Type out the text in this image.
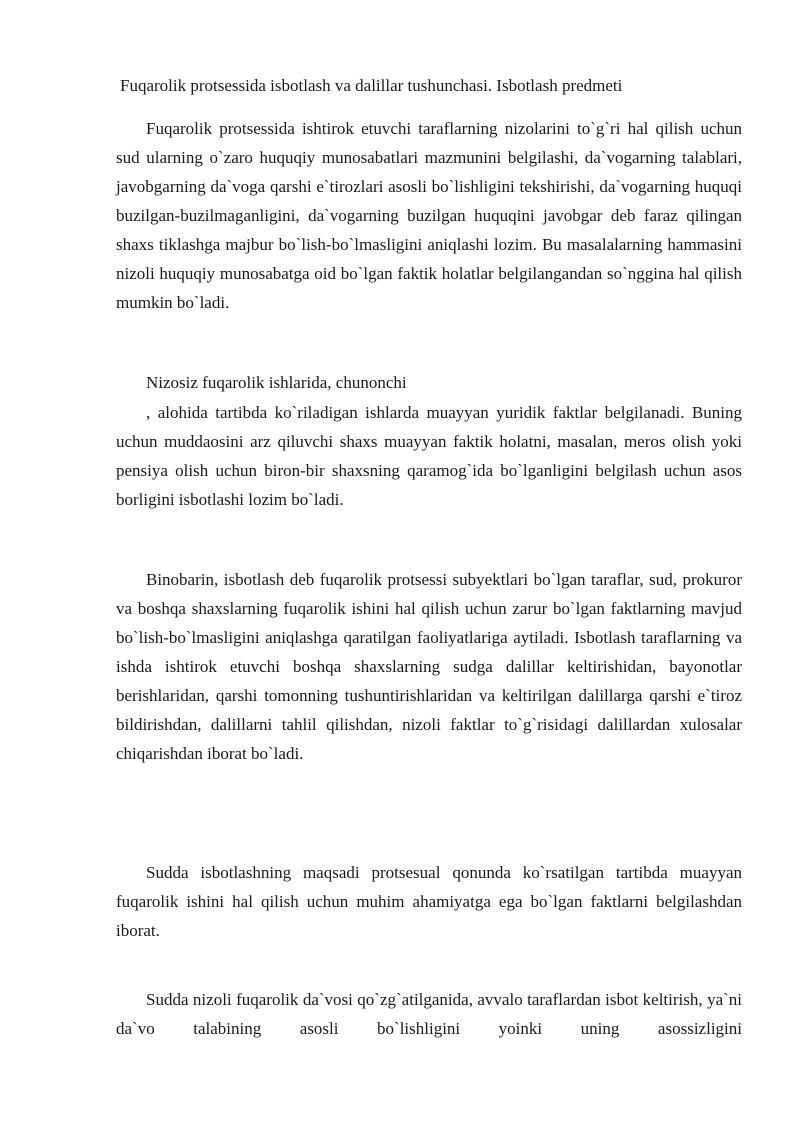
Fuqarolik protsessida isbotlash va dalillar tushunchasi. Isbotlash predmeti

Fuqarolik protsessida ishtirok etuvchi taraflarning nizolarini to`g`ri hal qilish uchun sud ularning o`zaro huquqiy munosabatlari mazmunini belgilashi, da`vogarning talablari, javobgarning da`voga qarshi e`tirozlari asosli bo`lishligini tekshirishi, da`vogarning huquqi buzilgan-buzilmaganligini, da`vogarning buzilgan huquqini javobgar deb faraz qilingan shaxs tiklashga majbur bo`lish-bo`lmasligini aniqlashi lozim. Bu masalalarning hammasini nizoli huquqiy munosabatga oid bo`lgan faktik holatlar belgilangandan so`nggina hal qilish mumkin bo`ladi.

Nizosiz fuqarolik ishlarida, chunonchi

, alohida tartibda ko`riladigan ishlarda muayyan yuridik faktlar belgilanadi. Buning uchun muddaosini arz qiluvchi shaxs muayyan faktik holatni, masalan, meros olish yoki pensiya olish uchun biron-bir shaxsning qaramog`ida bo`lganligini belgilash uchun asos borligini isbotlashi lozim bo`ladi.

Binobarin, isbotlash deb fuqarolik protsessi subyektlari bo`lgan taraflar, sud, prokuror va boshqa shaxslarning fuqarolik ishini hal qilish uchun zarur bo`lgan faktlarning mavjud bo`lish-bo`lmasligini aniqlashga qaratilgan faoliyatlariga aytiladi. Isbotlash taraflarning va ishda ishtirok etuvchi boshqa shaxslarning sudga dalillar keltirishidan, bayonotlar berishlaridan, qarshi tomonning tushuntirishlaridan va keltirilgan dalillarga qarshi e`tiroz bildirishdan, dalillarni tahlil qilishdan, nizoli faktlar to`g`risidagi dalillardan xulosalar chiqarishdan iborat bo`ladi.

Sudda isbotlashning maqsadi protsesual qonunda ko`rsatilgan tartibda muayyan fuqarolik ishini hal qilish uchun muhim ahamiyatga ega bo`lgan faktlarni belgilashdan iborat.

Sudda nizoli fuqarolik da`vosi qo`zg`atilganida, avvalo taraflardan isbot keltirish, ya`ni da`vo talabining asosli bo`lishligini yoinki uning asossizligini
